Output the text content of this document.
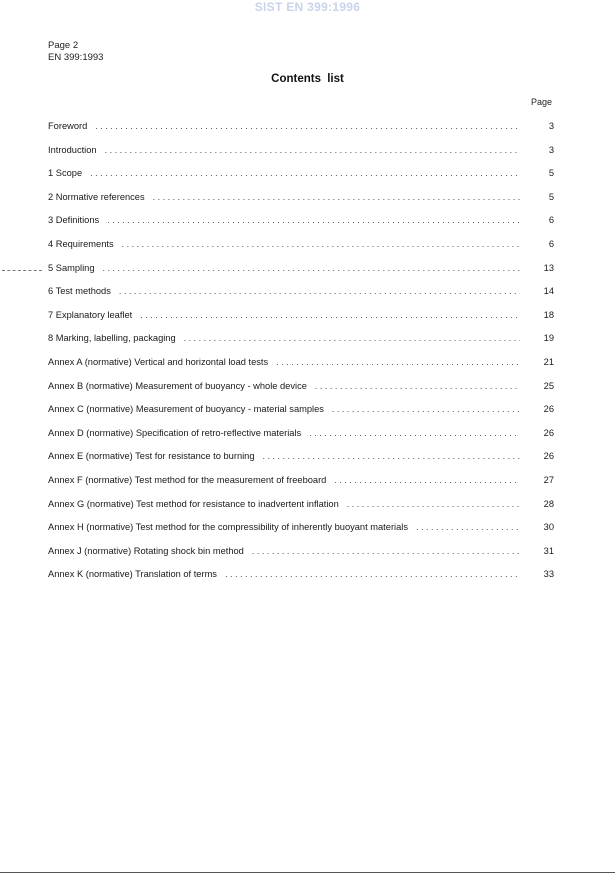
SIST EN 399:1996
Page 2
EN 399:1993
Contents list
Page
Foreword . . .	3
Introduction . . .	3
1 Scope . . .	5
2 Normative references . . .	5
3 Definitions . . .	6
4 Requirements . . .	6
5 Sampling . . .	13
6 Test methods . . .	14
7 Explanatory leaflet . . .	18
8 Marking, labelling, packaging . . .	19
Annex A (normative) Vertical and horizontal load tests . . .	21
Annex B (normative) Measurement of buoyancy - whole device . . .	25
Annex C (normative) Measurement of buoyancy - material samples . . .	26
Annex D (normative) Specification of retro-reflective materials . . .	26
Annex E (normative) Test for resistance to burning . . .	26
Annex F (normative) Test method for the measurement of freeboard . . .	27
Annex G (normative) Test method for resistance to inadvertent inflation . . .	28
Annex H (normative) Test method for the compressibility of inherently buoyant materials . . .	30
Annex J (normative) Rotating shock bin method . . .	31
Annex K (normative) Translation of terms . . .	33
